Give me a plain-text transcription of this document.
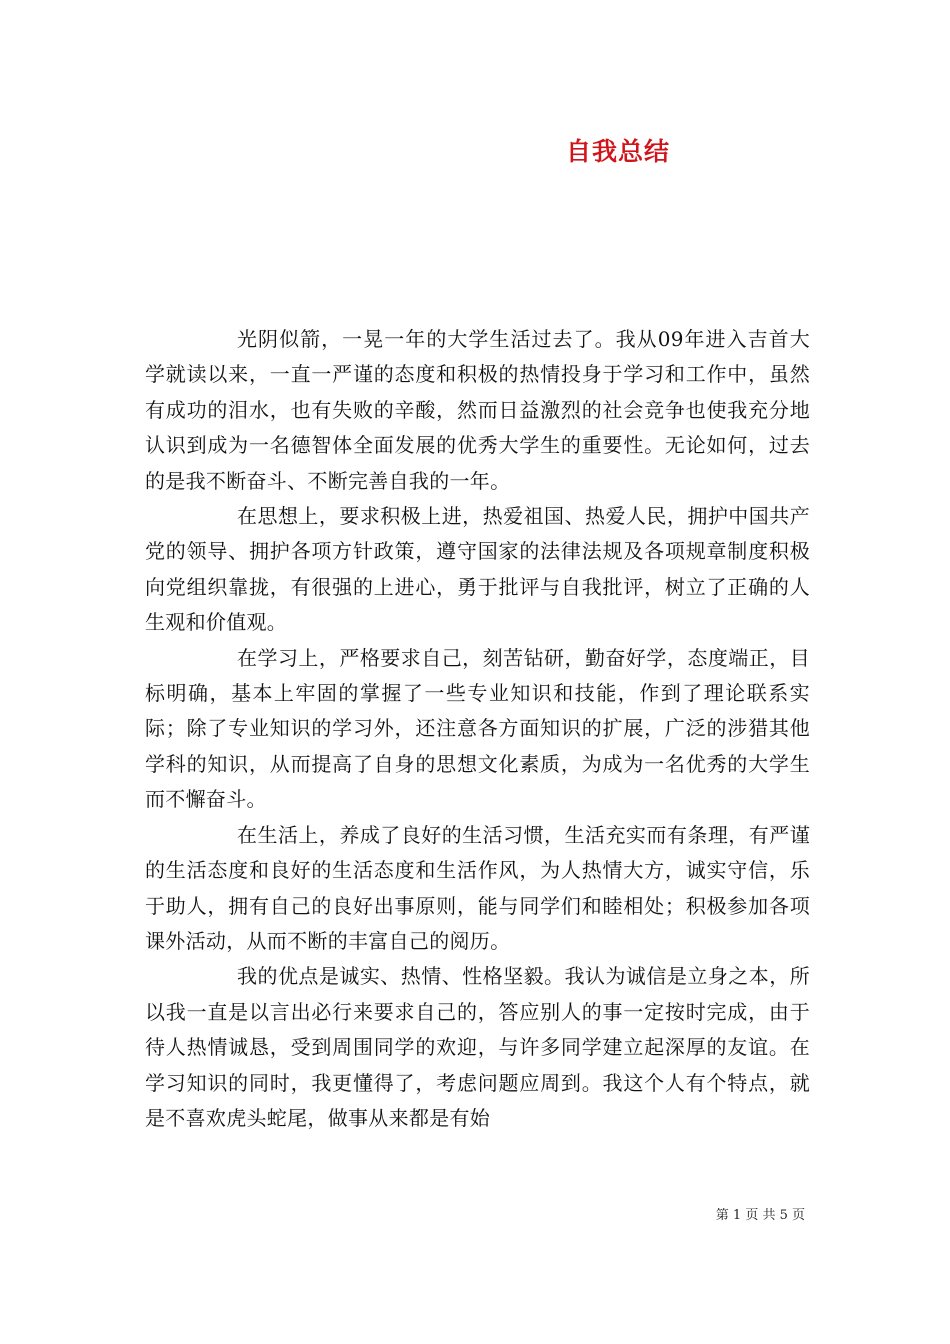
自我总结

光阴似箭，一晃一年的大学生活过去了。我从09年进入吉首大学就读以来，一直一严谨的态度和积极的热情投身于学习和工作中，虽然有成功的泪水，也有失败的辛酸，然而日益激烈的社会竞争也使我充分地认识到成为一名德智体全面发展的优秀大学生的重要性。无论如何，过去的是我不断奋斗、不断完善自我的一年。

在思想上，要求积极上进，热爱祖国、热爱人民，拥护中国共产党的领导、拥护各项方针政策，遵守国家的法律法规及各项规章制度积极向党组织靠拢，有很强的上进心，勇于批评与自我批评，树立了正确的人生观和价值观。

在学习上，严格要求自己，刻苦钻研，勤奋好学，态度端正，目标明确，基本上牢固的掌握了一些专业知识和技能，作到了理论联系实际；除了专业知识的学习外，还注意各方面知识的扩展，广泛的涉猎其他学科的知识，从而提高了自身的思想文化素质，为成为一名优秀的大学生而不懈奋斗。

在生活上，养成了良好的生活习惯，生活充实而有条理，有严谨的生活态度和良好的生活态度和生活作风，为人热情大方，诚实守信，乐于助人，拥有自己的良好出事原则，能与同学们和睦相处；积极参加各项课外活动，从而不断的丰富自己的阅历。

我的优点是诚实、热情、性格坚毅。我认为诚信是立身之本，所以我一直是以言出必行来要求自己的，答应别人的事一定按时完成，由于待人热情诚恳，受到周围同学的欢迎，与许多同学建立起深厚的友谊。在学习知识的同时，我更懂得了，考虑问题应周到。我这个人有个特点，就是不喜欢虎头蛇尾，做事从来都是有始

第 1 页 共 5 页
